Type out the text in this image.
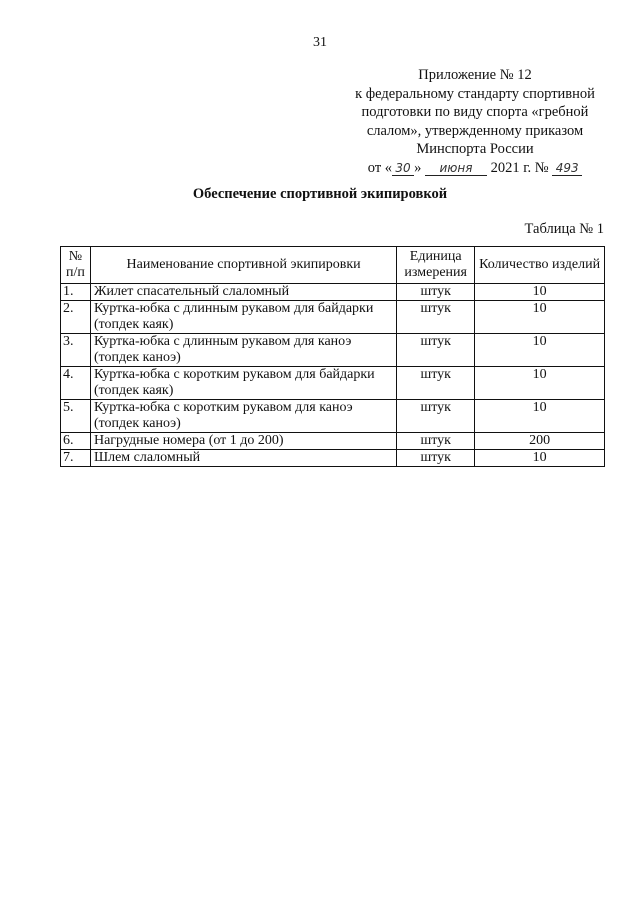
31
Приложение № 12
к федеральному стандарту спортивной
подготовки по виду спорта «гребной
слалом», утвержденному приказом
Минспорта России
от « 30 » июня 2021 г. № 493
Обеспечение спортивной экипировкой
Таблица № 1
№ п/п	Наименование спортивной экипировки	Единица измерения	Количество изделий
1.	Жилет спасательный слаломный	штук	10
2.	Куртка-юбка с длинным рукавом для байдарки (топдек каяк)	штук	10
3.	Куртка-юбка с длинным рукавом для каноэ (топдек каноэ)	штук	10
4.	Куртка-юбка с коротким рукавом для байдарки (топдек каяк)	штук	10
5.	Куртка-юбка с коротким рукавом для каноэ (топдек каноэ)	штук	10
6.	Нагрудные номера (от 1 до 200)	штук	200
7.	Шлем слаломный	штук	10
